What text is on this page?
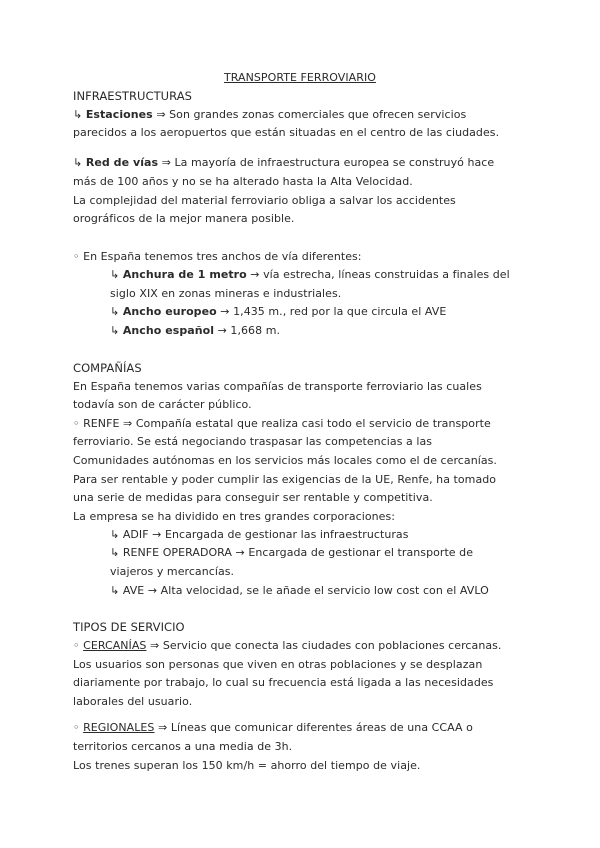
TRANSPORTE FERROVIARIO
INFRAESTRUCTURAS
↳ Estaciones ⇒ Son grandes zonas comerciales que ofrecen servicios
parecidos a los aeropuertos que están situadas en el centro de las ciudades.
↳ Red de vías ⇒ La mayoría de infraestructura europea se construyó hace
más de 100 años y no se ha alterado hasta la Alta Velocidad.
La complejidad del material ferroviario obliga a salvar los accidentes
orográficos de la mejor manera posible.
◦ En España tenemos tres anchos de vía diferentes:
↳ Anchura de 1 metro → vía estrecha, líneas construidas a finales del
siglo XIX en zonas mineras e industriales.
↳ Ancho europeo → 1,435 m., red por la que circula el AVE
↳ Ancho español → 1,668 m.
COMPAÑÍAS
En España tenemos varias compañías de transporte ferroviario las cuales
todavía son de carácter público.
◦ RENFE ⇒ Compañía estatal que realiza casi todo el servicio de transporte
ferroviario. Se está negociando traspasar las competencias a las
Comunidades autónomas en los servicios más locales como el de cercanías.
Para ser rentable y poder cumplir las exigencias de la UE, Renfe, ha tomado
una serie de medidas para conseguir ser rentable y competitiva.
La empresa se ha dividido en tres grandes corporaciones:
↳ ADIF → Encargada de gestionar las infraestructuras
↳ RENFE OPERADORA → Encargada de gestionar el transporte de
viajeros y mercancías.
↳ AVE → Alta velocidad, se le añade el servicio low cost con el AVLO
TIPOS DE SERVICIO
◦ CERCANÍAS ⇒ Servicio que conecta las ciudades con poblaciones cercanas.
Los usuarios son personas que viven en otras poblaciones y se desplazan
diariamente por trabajo, lo cual su frecuencia está ligada a las necesidades
laborales del usuario.
◦ REGIONALES ⇒ Líneas que comunicar diferentes áreas de una CCAA o
territorios cercanos a una media de 3h.
Los trenes superan los 150 km/h = ahorro del tiempo de viaje.
